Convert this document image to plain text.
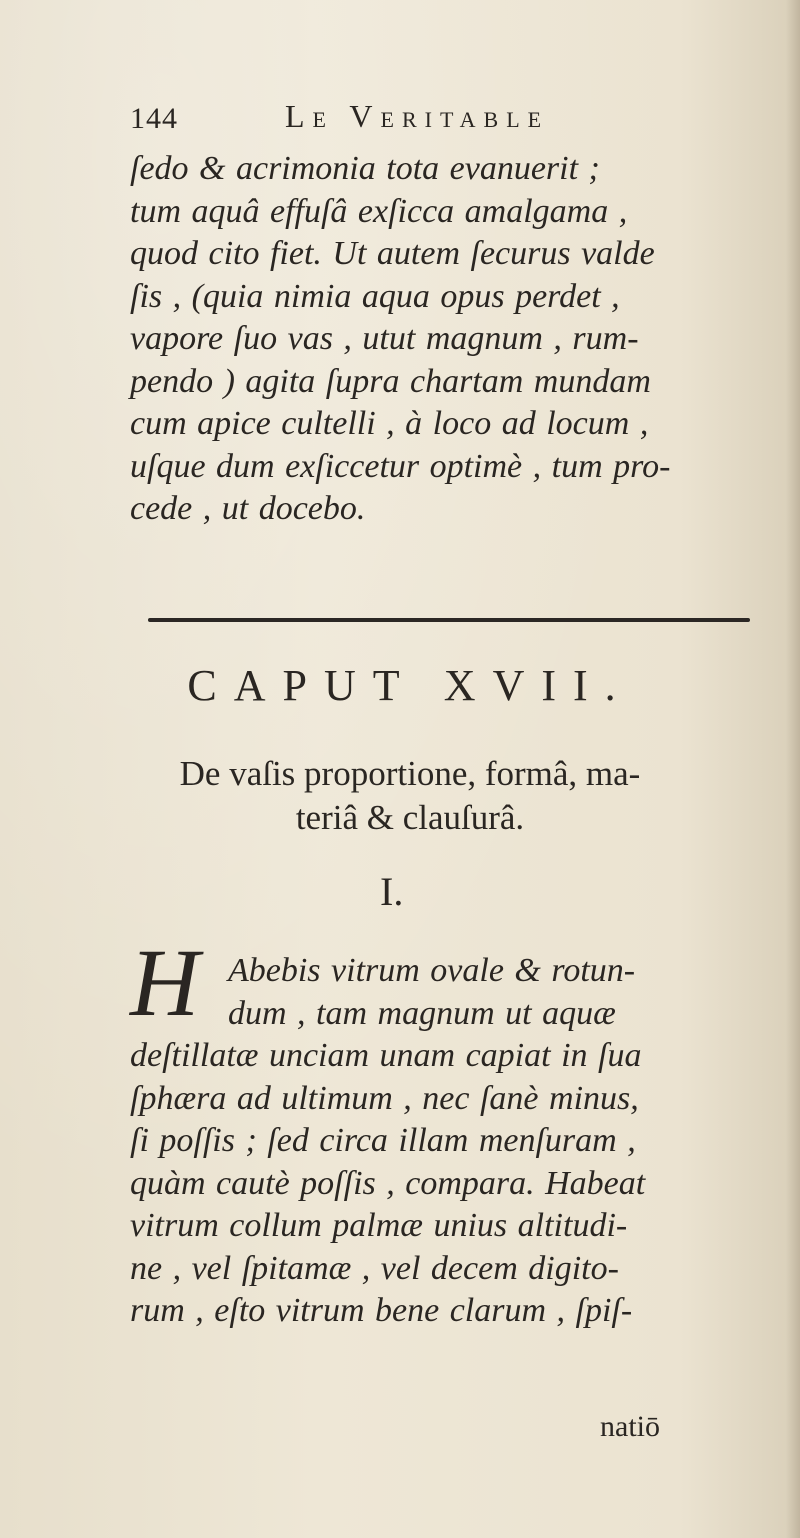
144	Le Veritable
ſedo & acrimonia tota evanuerit ;
tum aquâ effuſâ exſicca amalgama ,
quod cito fiet. Ut autem ſecurus valde
ſis , (quia nimia aqua opus perdet ,
vapore ſuo vas , utut magnum , rum-
pendo ) agita ſupra chartam mundam
cum apice cultelli , à loco ad locum ,
uſque dum exſiccetur optimè , tum pro-
cede , ut docebo.
CAPUT XVII.
De vaſis proportione, formâ, ma-
teriâ & clauſurâ.
I.
H Abebis vitrum ovale & rotun-
dum , tam magnum ut aquæ
deſtillatæ unciam unam capiat in ſua
ſphæra ad ultimum , nec ſanè minus,
ſi poſſis ; ſed circa illam menſuram ,
quàm cautè poſſis , compara. Habeat
vitrum collum palmæ unius altitudi-
ne , vel ſpitamæ , vel decem digito-
rum , eſto vitrum bene clarum , ſpiſ-
natiō
